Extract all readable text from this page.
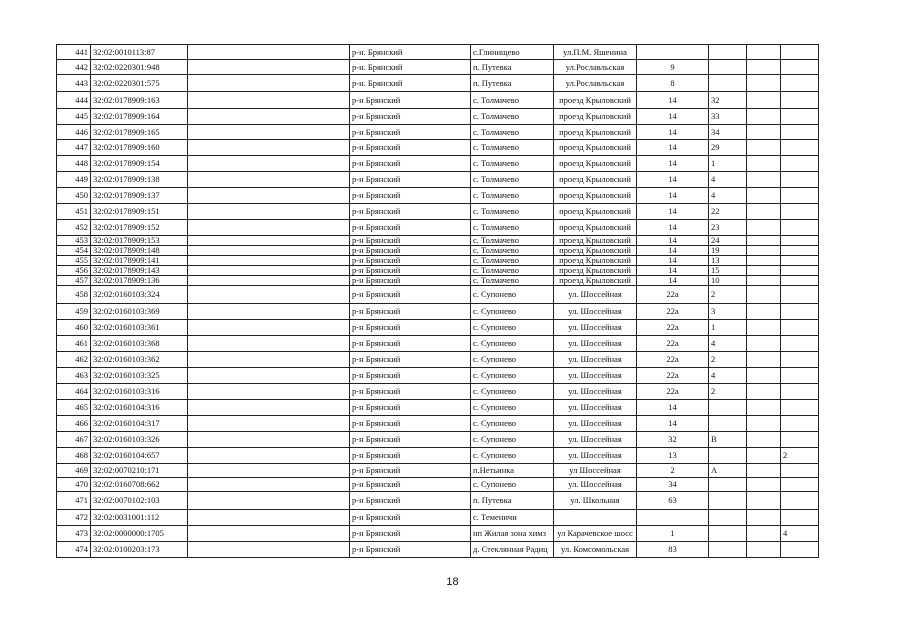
441	32:02:0010113:87		р-н. Брянский	с.Глинищево	ул.П.М. Яшенина				
442	32:02:0220301:948		р-н. Брянский	п. Путевка	ул.Рославльская	9			
443	32:02:0220301:575		р-н. Брянский	п. Путевка	ул.Рославльская	8			
444	32:02:0178909:163		р-н Брянский	с. Толмачево	проезд Крыловский	14	32		
445	32:02:0178909:164		р-н Брянский	с. Толмачево	проезд Крыловский	14	33		
446	32:02:0178909:165		р-н Брянский	с. Толмачево	проезд Крыловский	14	34		
447	32:02:0178909:160		р-н Брянский	с. Толмачево	проезд Крыловский	14	29		
448	32:02:0178909:154		р-н Брянский	с. Толмачево	проезд Крыловский	14	1		
449	32:02:0178909:138		р-н Брянский	с. Толмачево	проезд Крыловский	14	4		
450	32:02:0178909:137		р-н Брянский	с. Толмачево	проезд Крыловский	14	4		
451	32:02:0178909:151		р-н Брянский	с. Толмачево	проезд Крыловский	14	22		
452	32:02:0178909:152		р-н Брянский	с. Толмачево	проезд Крыловский	14	23		
453	32:02:0178909:153		р-н Брянский	с. Толмачево	проезд Крыловский	14	24		
454	32:02:0178909:148		р-н Брянский	с. Толмачево	проезд Крыловский	14	19		
455	32:02:0178909:141		р-н Брянский	с. Толмачево	проезд Крыловский	14	13		
456	32:02:0178909:143		р-н Брянский	с. Толмачево	проезд Крыловский	14	15		
457	32:02:0178909:136		р-н Брянский	с. Толмачево	проезд Крыловский	14	10		
458	32:02:0160103:324		р-н Брянский	с. Супонево	ул. Шоссейная	22а	2		
459	32:02:0160103:369		р-н Брянский	с. Супонево	ул. Шоссейная	22а	3		
460	32:02:0160103:361		р-н Брянский	с. Супонево	ул. Шоссейная	22а	1		
461	32:02:0160103:368		р-н Брянский	с. Супонево	ул. Шоссейная	22а	4		
462	32:02:0160103:362		р-н Брянский	с. Супонево	ул. Шоссейная	22а	2		
463	32:02:0160103:325		р-н Брянский	с. Супонево	ул. Шоссейная	22а	4		
464	32:02:0160103:316		р-н Брянский	с. Супонево	ул. Шоссейная	22а	2		
465	32:02:0160104:316		р-н Брянский	с. Супонево	ул. Шоссейная	14			
466	32:02:0160104:317		р-н Брянский	с. Супонево	ул. Шоссейная	14			
467	32:02:0160103:326		р-н Брянский	с. Супонево	ул. Шоссейная	32	В		
468	32:02:0160104:657		р-н Брянский	с. Супонево	ул. Шоссейная	13			2
469	32:02:0070210:171		р-н Брянский	п.Нетьинка	ул Шоссейная	2	А		
470	32:02:0160708:662		р-н Брянский	с. Супонево	ул. Шоссейная	34			
471	32:02:0070102:103		р-н Брянский	п. Путевка	ул. Школьная	63			
472	32:02:0031001:112		р-н Брянский	с. Теменичи					
473	32:02:0000000:1705		р-н Брянский	нп Жилая зона химз	ул Карачевское шосс	1			4
474	32:02:0100203:173		р-н Брянский	д. Стеклянная Радиц	ул. Комсомольская	83			
18
